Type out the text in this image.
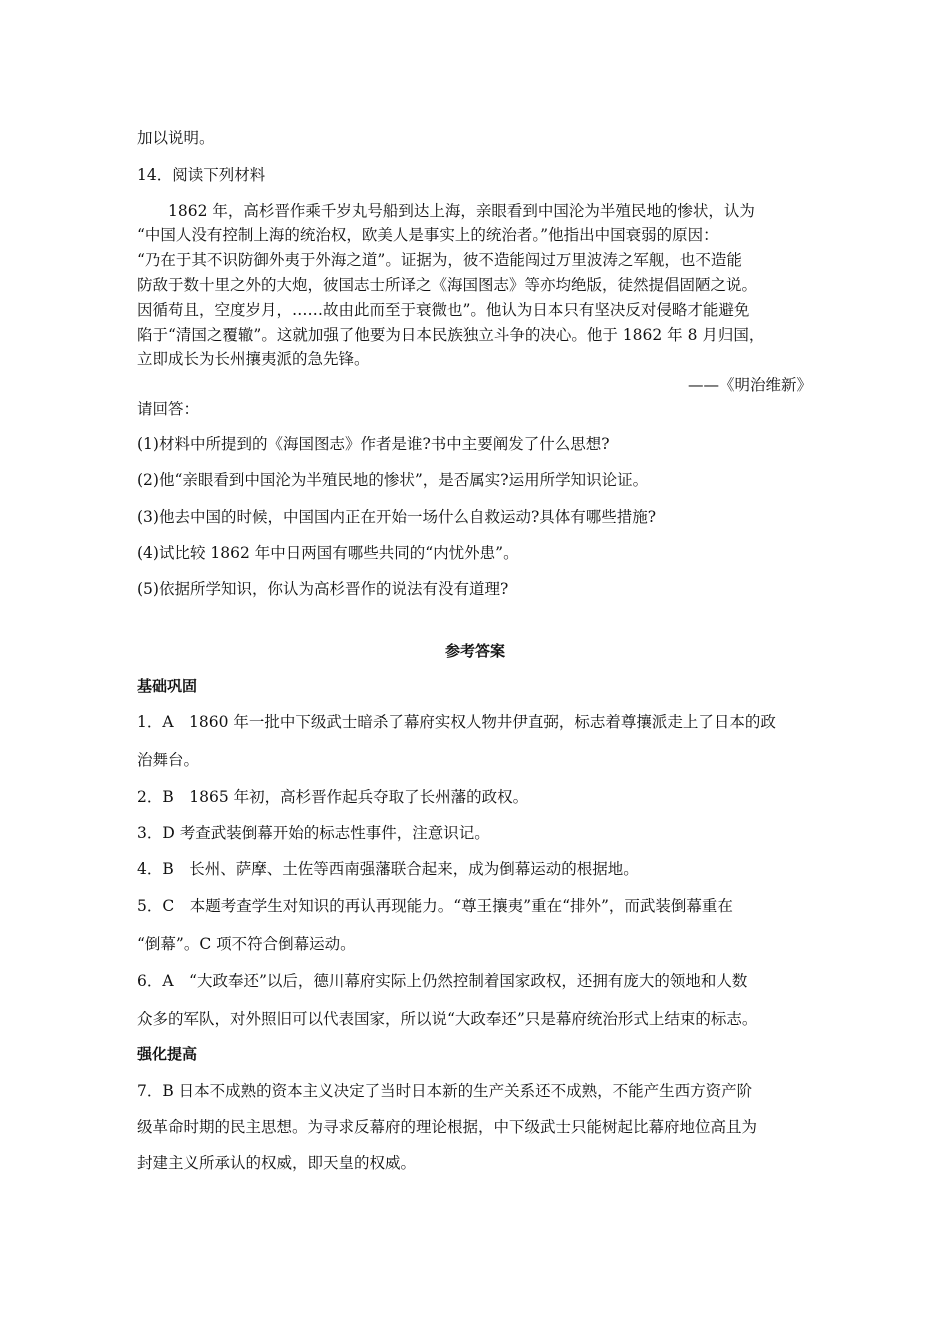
加以说明。
14．阅读下列材料
1862 年，高杉晋作乘千岁丸号船到达上海，亲眼看到中国沦为半殖民地的惨状，认为
“中国人没有控制上海的统治权，欧美人是事实上的统治者。”他指出中国衰弱的原因：
“乃在于其不识防御外夷于外海之道”。证据为，彼不造能闯过万里波涛之军舰，也不造能
防敌于数十里之外的大炮，彼国志士所译之《海国图志》等亦均绝版，徒然提倡固陋之说。
因循苟且，空度岁月，……故由此而至于衰微也”。他认为日本只有坚决反对侵略才能避免
陷于“清国之覆辙”。这就加强了他要为日本民族独立斗争的决心。他于 1862 年 8 月归国，
立即成长为长州攘夷派的急先锋。
——《明治维新》
请回答：
(1)材料中所提到的《海国图志》作者是谁?书中主要阐发了什么思想?
(2)他“亲眼看到中国沦为半殖民地的惨状”，是否属实?运用所学知识论证。
(3)他去中国的时候，中国国内正在开始一场什么自救运动?具体有哪些措施?
(4)试比较 1862 年中日两国有哪些共同的“内忧外患”。
(5)依据所学知识，你认为高杉晋作的说法有没有道理?
参考答案
基础巩固
1．A　1860 年一批中下级武士暗杀了幕府实权人物井伊直弼，标志着尊攘派走上了日本的政
治舞台。
2．B　1865 年初，高杉晋作起兵夺取了长州藩的政权。
3．D 考查武装倒幕开始的标志性事件，注意识记。
4．B　长州、萨摩、土佐等西南强藩联合起来，成为倒幕运动的根据地。
5．C　本题考查学生对知识的再认再现能力。“尊王攘夷”重在“排外”，而武装倒幕重在
“倒幕”。C 项不符合倒幕运动。
6．A　“大政奉还”以后，德川幕府实际上仍然控制着国家政权，还拥有庞大的领地和人数
众多的军队，对外照旧可以代表国家，所以说“大政奉还”只是幕府统治形式上结束的标志。
强化提高
7．B 日本不成熟的资本主义决定了当时日本新的生产关系还不成熟，不能产生西方资产阶
级革命时期的民主思想。为寻求反幕府的理论根据，中下级武士只能树起比幕府地位高且为
封建主义所承认的权威，即天皇的权威。
